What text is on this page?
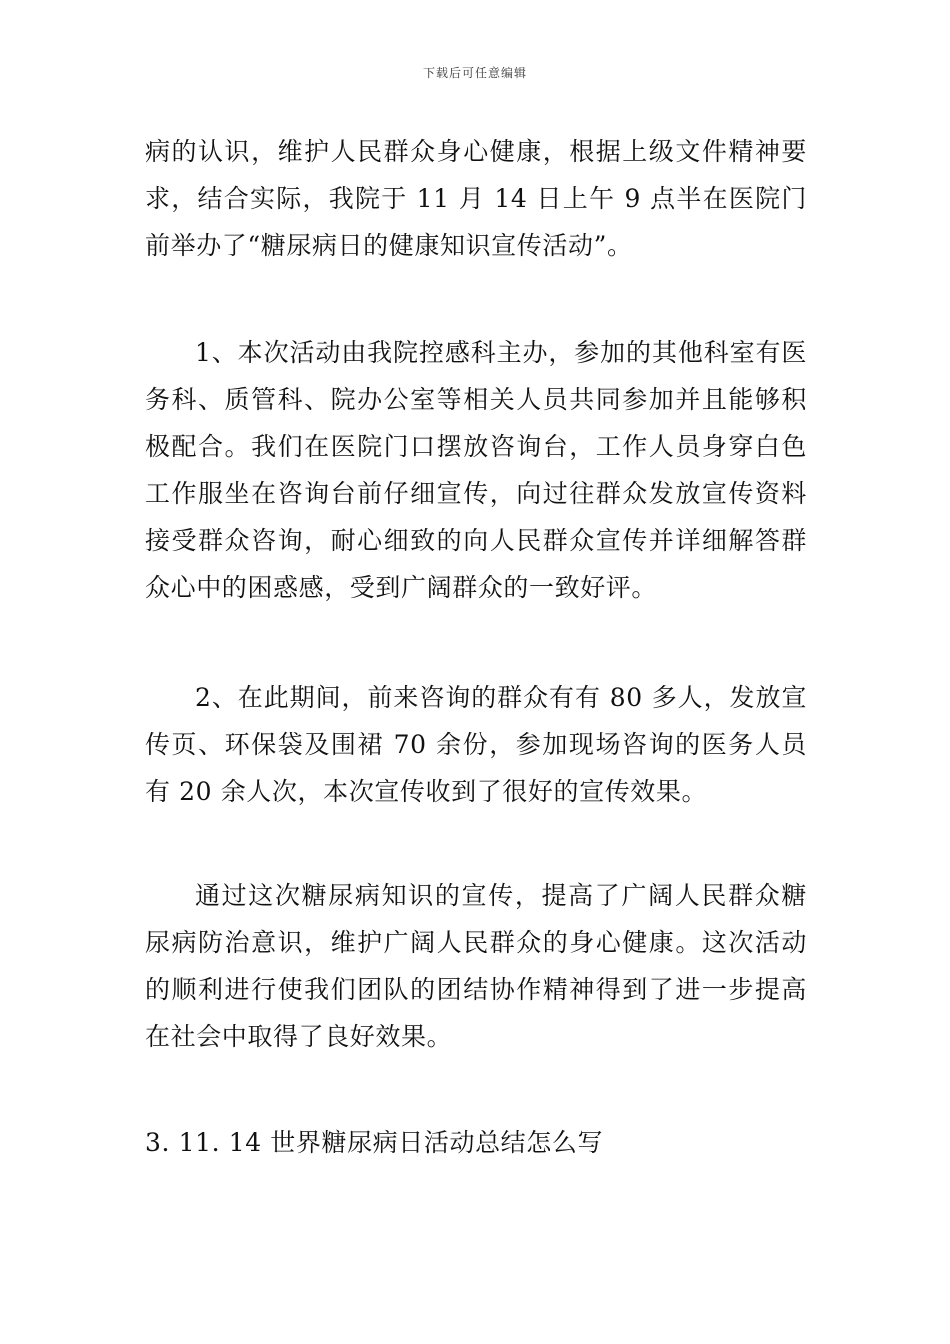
下载后可任意编辑

病的认识，维护人民群众身心健康，根据上级文件精神要求，结合实际，我院于 11 月 14 日上午 9 点半在医院门前举办了“糖尿病日的健康知识宣传活动”。

1、本次活动由我院控感科主办，参加的其他科室有医务科、质管科、院办公室等相关人员共同参加并且能够积极配合。我们在医院门口摆放咨询台，工作人员身穿白色工作服坐在咨询台前仔细宣传，向过往群众发放宣传资料接受群众咨询，耐心细致的向人民群众宣传并详细解答群众心中的困惑感，受到广阔群众的一致好评。

2、在此期间，前来咨询的群众有有 80 多人，发放宣传页、环保袋及围裙 70 余份，参加现场咨询的医务人员有 20 余人次，本次宣传收到了很好的宣传效果。

通过这次糖尿病知识的宣传，提高了广阔人民群众糖尿病防治意识，维护广阔人民群众的身心健康。这次活动的顺利进行使我们团队的团结协作精神得到了进一步提高在社会中取得了良好效果。

3. 11. 14 世界糖尿病日活动总结怎么写
